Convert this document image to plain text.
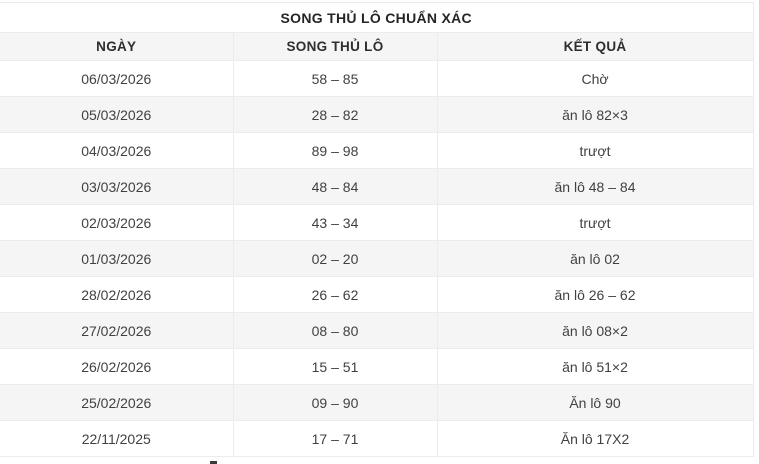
SONG THỦ LÔ CHUẨN XÁC		
NGÀY	SONG THỦ LÔ	KẾT QUẢ
06/03/2026	58 – 85	Chờ
05/03/2026	28 – 82	ăn lô 82×3
04/03/2026	89 – 98	trượt
03/03/2026	48 – 84	ăn lô 48 – 84
02/03/2026	43 – 34	trượt
01/03/2026	02 – 20	ăn lô 02
28/02/2026	26 – 62	ăn lô 26 – 62
27/02/2026	08 – 80	ăn lô 08×2
26/02/2026	15 – 51	ăn lô 51×2
25/02/2026	09 – 90	Ăn lô 90
22/11/2025	17 – 71	Ăn lô 17X2
